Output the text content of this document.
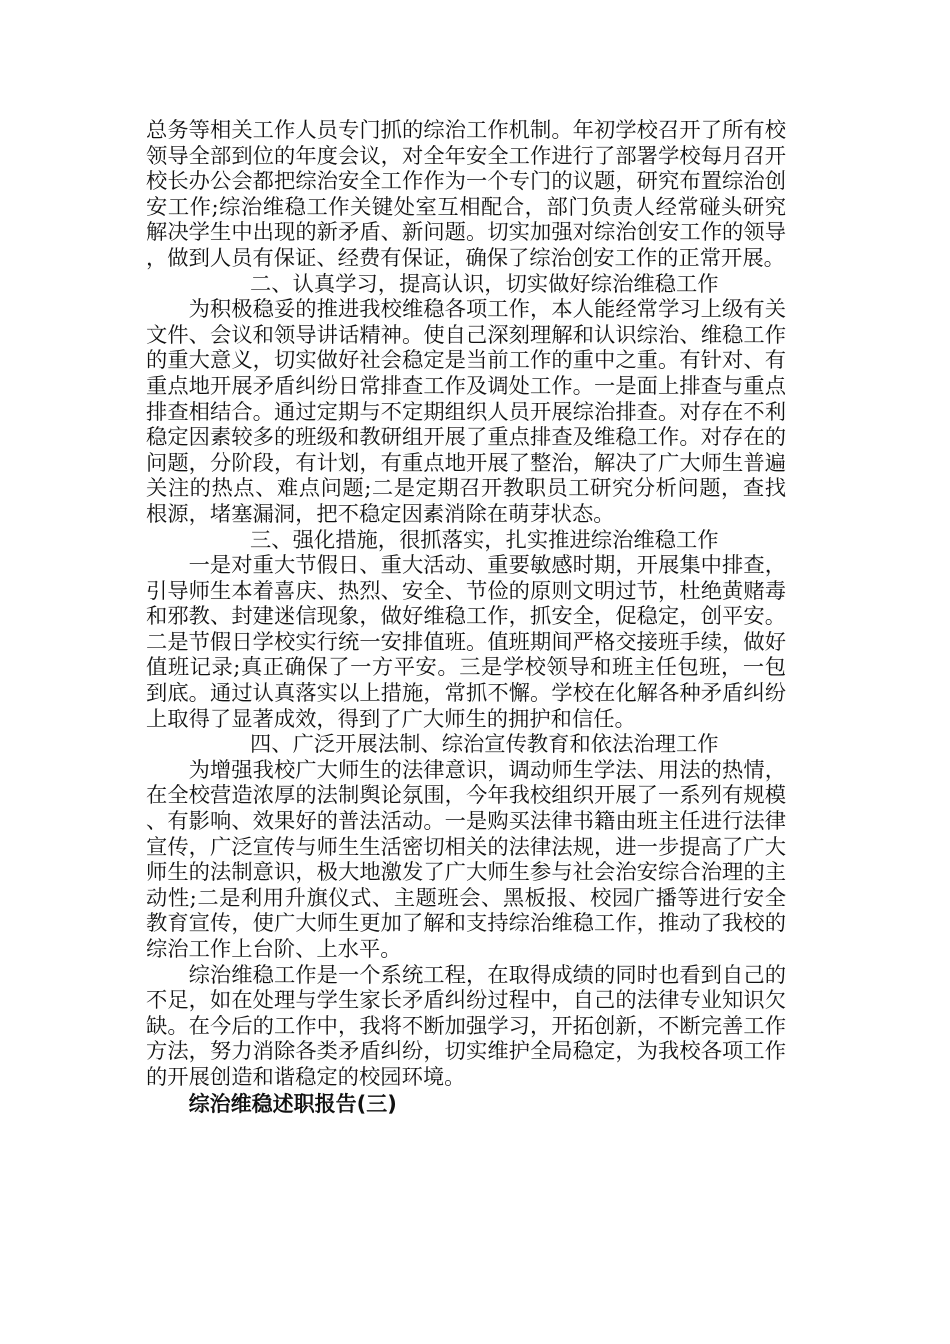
总务等相关工作人员专门抓的综治工作机制。年初学校召开了所有校领导全部到位的年度会议，对全年安全工作进行了部署学校每月召开校长办公会都把综治安全工作作为一个专门的议题，研究布置综治创安工作;综治维稳工作关键处室互相配合，部门负责人经常碰头研究解决学生中出现的新矛盾、新问题。切实加强对综治创安工作的领导，做到人员有保证、经费有保证，确保了综治创安工作的正常开展。

二、认真学习，提高认识，切实做好综治维稳工作

为积极稳妥的推进我校维稳各项工作，本人能经常学习上级有关文件、会议和领导讲话精神。使自己深刻理解和认识综治、维稳工作的重大意义，切实做好社会稳定是当前工作的重中之重。有针对、有重点地开展矛盾纠纷日常排查工作及调处工作。一是面上排查与重点排查相结合。通过定期与不定期组织人员开展综治排查。对存在不利稳定因素较多的班级和教研组开展了重点排查及维稳工作。对存在的问题，分阶段，有计划，有重点地开展了整治，解决了广大师生普遍关注的热点、难点问题;二是定期召开教职员工研究分析问题，查找根源，堵塞漏洞，把不稳定因素消除在萌芽状态。

三、强化措施，很抓落实，扎实推进综治维稳工作

一是对重大节假日、重大活动、重要敏感时期，开展集中排查，引导师生本着喜庆、热烈、安全、节俭的原则文明过节，杜绝黄赌毒和邪教、封建迷信现象，做好维稳工作，抓安全，促稳定，创平安。二是节假日学校实行统一安排值班。值班期间严格交接班手续，做好值班记录;真正确保了一方平安。三是学校领导和班主任包班，一包到底。通过认真落实以上措施，常抓不懈。学校在化解各种矛盾纠纷上取得了显著成效，得到了广大师生的拥护和信任。

四、广泛开展法制、综治宣传教育和依法治理工作

为增强我校广大师生的法律意识，调动师生学法、用法的热情，在全校营造浓厚的法制舆论氛围，今年我校组织开展了一系列有规模、有影响、效果好的普法活动。一是购买法律书籍由班主任进行法律宣传，广泛宣传与师生生活密切相关的法律法规，进一步提高了广大师生的法制意识，极大地激发了广大师生参与社会治安综合治理的主动性;二是利用升旗仪式、主题班会、黑板报、校园广播等进行安全教育宣传，使广大师生更加了解和支持综治维稳工作，推动了我校的综治工作上台阶、上水平。

综治维稳工作是一个系统工程，在取得成绩的同时也看到自己的不足，如在处理与学生家长矛盾纠纷过程中，自己的法律专业知识欠缺。在今后的工作中，我将不断加强学习，开拓创新，不断完善工作方法，努力消除各类矛盾纠纷，切实维护全局稳定，为我校各项工作的开展创造和谐稳定的校园环境。

综治维稳述职报告(三)
